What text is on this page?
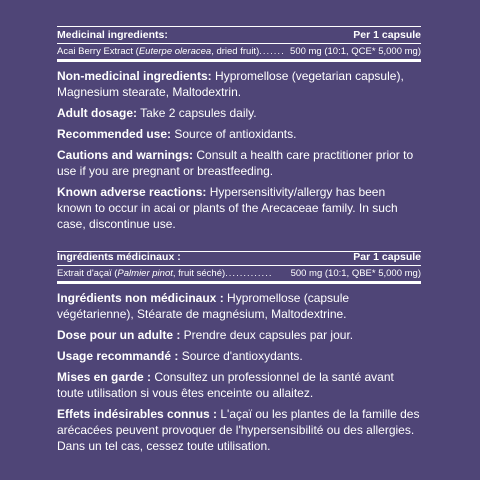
Medicinal ingredients:	Per 1 capsule
Acai Berry Extract (Euterpe oleracea, dried fruit) ....... 500 mg (10:1, QCE* 5,000 mg)

Non-medicinal ingredients: Hypromellose (vegetarian capsule), Magnesium stearate, Maltodextrin.

Adult dosage: Take 2 capsules daily.

Recommended use: Source of antioxidants.

Cautions and warnings: Consult a health care practitioner prior to use if you are pregnant or breastfeeding.

Known adverse reactions: Hypersensitivity/allergy has been known to occur in acai or plants of the Arecaceae family. In such case, discontinue use.

Ingrédients médicinaux :	Par 1 capsule
Extrait d'açaï (Palmier pinot, fruit séché) .............	500 mg (10:1, QBE* 5,000 mg)

Ingrédients non médicinaux : Hypromellose (capsule végétarienne), Stéarate de magnésium, Maltodextrine.

Dose pour un adulte : Prendre deux capsules par jour.

Usage recommandé : Source d'antioxydants.

Mises en garde : Consultez un professionnel de la santé avant toute utilisation si vous êtes enceinte ou allaitez.

Effets indésirables connus : L'açaï ou les plantes de la famille des arécacées peuvent provoquer de l'hypersensibilité ou des allergies. Dans un tel cas, cessez toute utilisation.
